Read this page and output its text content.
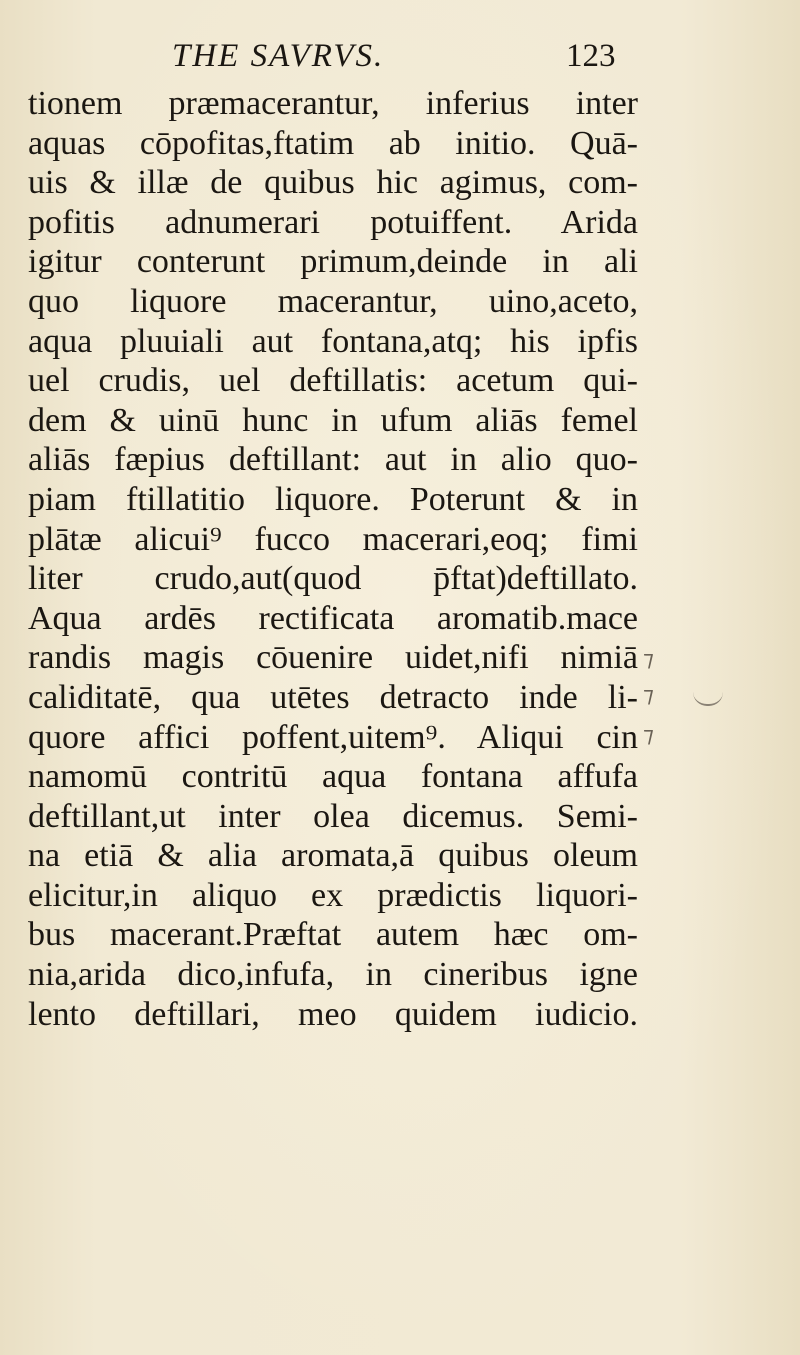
THE SAVRVS.	123
tionem præmacerantur, inferius inter
aquas cōpofitas,ftatim ab initio. Quā-
uis & illæ de quibus hic agimus, com-
pofitis adnumerari potuiffent. Arida
igitur conterunt primum,deinde in ali
quo liquore macerantur, uino,aceto,
aqua pluuiali aut fontana,atq; his ipfis
uel crudis, uel deftillatis: acetum qui-
dem & uinū hunc in ufum aliās femel
aliās fæpius deftillant: aut in alio quo-
piam ftillatitio liquore. Poterunt & in
plātæ alicui⁹ fucco macerari,eoq; fimi
liter crudo,aut(quod p̄ftat)deftillato.
Aqua ardēs rectificata aromatib.mace
randis magis cōuenire uidet,nifi nimiā
caliditatē, qua utētes detracto inde li-
quore affici poffent,uitem⁹. Aliqui cin
namomū contritū aqua fontana affufa
deftillant,ut inter olea dicemus. Semi-
na etiā & alia aromata,ā quibus oleum
elicitur,in aliquo ex prædictis liquori-
bus macerant.Præftat autem hæc om-
nia,arida dico,infufa, in cineribus igne
lento deftillari, meo quidem iudicio.
⁊
⁊
⁊
